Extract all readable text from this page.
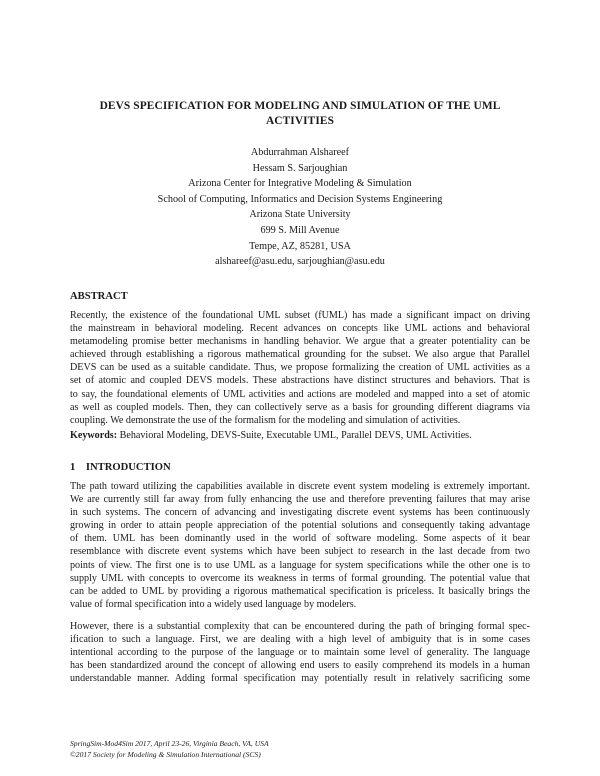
DEVS SPECIFICATION FOR MODELING AND SIMULATION OF THE UML
ACTIVITIES
Abdurrahman Alshareef
Hessam S. Sarjoughian
Arizona Center for Integrative Modeling & Simulation
School of Computing, Informatics and Decision Systems Engineering
Arizona State University
699 S. Mill Avenue
Tempe, AZ, 85281, USA
alshareef@asu.edu, sarjoughian@asu.edu
ABSTRACT
Recently, the existence of the foundational UML subset (fUML) has made a significant impact on driving
the mainstream in behavioral modeling. Recent advances on concepts like UML actions and behavioral
metamodeling promise better mechanisms in handling behavior. We argue that a greater potentiality can be
achieved through establishing a rigorous mathematical grounding for the subset. We also argue that Parallel
DEVS can be used as a suitable candidate. Thus, we propose formalizing the creation of UML activities as a
set of atomic and coupled DEVS models. These abstractions have distinct structures and behaviors. That is
to say, the foundational elements of UML activities and actions are modeled and mapped into a set of atomic
as well as coupled models. Then, they can collectively serve as a basis for grounding different diagrams via
coupling. We demonstrate the use of the formalism for the modeling and simulation of activities.
Keywords: Behavioral Modeling, DEVS-Suite, Executable UML, Parallel DEVS, UML Activities.
1    INTRODUCTION
The path toward utilizing the capabilities available in discrete event system modeling is extremely important.
We are currently still far away from fully enhancing the use and therefore preventing failures that may arise
in such systems. The concern of advancing and investigating discrete event systems has been continuously
growing in order to attain people appreciation of the potential solutions and consequently taking advantage
of them. UML has been dominantly used in the world of software modeling. Some aspects of it bear
resemblance with discrete event systems which have been subject to research in the last decade from two
points of view. The first one is to use UML as a language for system specifications while the other one is to
supply UML with concepts to overcome its weakness in terms of formal grounding. The potential value that
can be added to UML by providing a rigorous mathematical specification is priceless. It basically brings the
value of formal specification into a widely used language by modelers.
However, there is a substantial complexity that can be encountered during the path of bringing formal spec-
ification to such a language. First, we are dealing with a high level of ambiguity that is in some cases
intentional according to the purpose of the language or to maintain some level of generality. The language
has been standardized around the concept of allowing end users to easily comprehend its models in a human
understandable manner. Adding formal specification may potentially result in relatively sacrificing some
SpringSim-Mod4Sim 2017, April 23-26, Virginia Beach, VA, USA
©2017 Society for Modeling & Simulation International (SCS)
